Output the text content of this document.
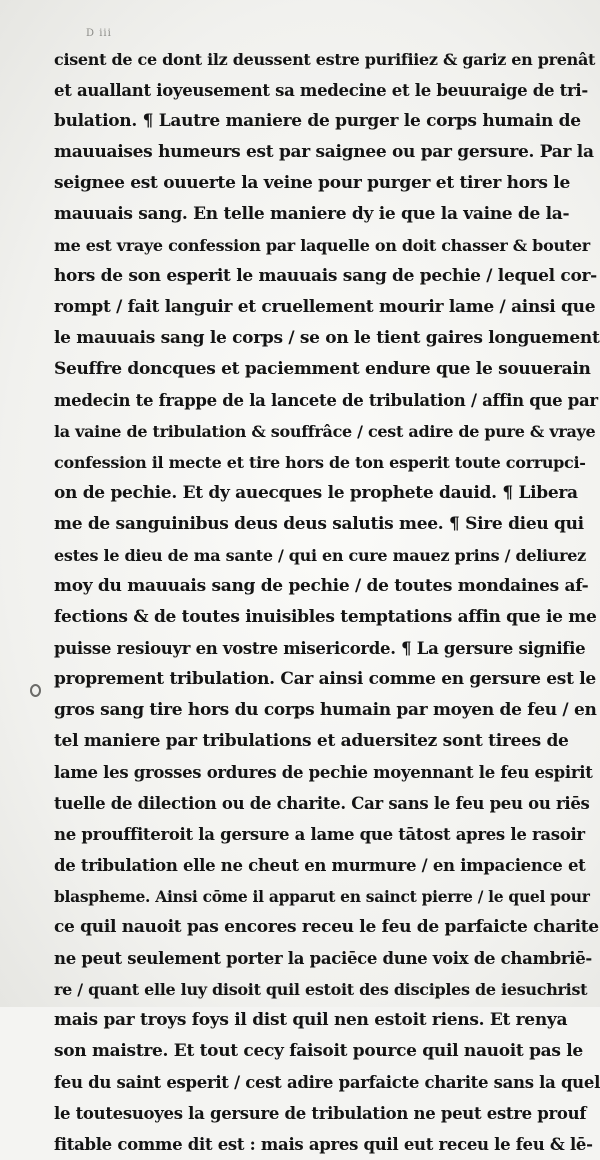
D iii
cisent de ce dont ilz deussent estre purifiiez & gariz en prenât
et auallant ioyeusement sa medecine et le beuuraige de tri-
bulation. ¶ Lautre maniere de purger le corps humain de
mauuaises humeurs est par saignee ou par gersure. Par la
seignee est ouuerte la veine pour purger et tirer hors le
mauuais sang. En telle maniere dy ie que la vaine de la-
me est vraye confession par laquelle on doit chasser & bouter
hors de son esperit le mauuais sang de pechie / lequel cor-
rompt / fait languir et cruellement mourir lame / ainsi que
le mauuais sang le corps / se on le tient gaires longuement
Seuffre doncques et paciemment endure que le souuerain
medecin te frappe de la lancete de tribulation / affin que par
la vaine de tribulation & souffrâce / cest adire de pure & vraye
confession il mecte et tire hors de ton esperit toute corrupci-
on de pechie. Et dy auecques le prophete dauid. ¶ Libera
me de sanguinibus deus deus salutis mee. ¶ Sire dieu qui
estes le dieu de ma sante / qui en cure mauez prins / deliurez
moy du mauuais sang de pechie / de toutes mondaines af-
fections & de toutes inuisibles temptations affin que ie me
puisse resiouyr en vostre misericorde. ¶ La gersure signifie
proprement tribulation. Car ainsi comme en gersure est le
gros sang tire hors du corps humain par moyen de feu / en
tel maniere par tribulations et aduersitez sont tirees de
lame les grosses ordures de pechie moyennant le feu espirit
tuelle de dilection ou de charite. Car sans le feu peu ou riēs
ne prouffiteroit la gersure a lame que tātost apres le rasoir
de tribulation elle ne cheut en murmure / en impacience et
blaspheme. Ainsi cōme il apparut en sainct pierre / le quel pour
ce quil nauoit pas encores receu le feu de parfaicte charite
ne peut seulement porter la paciēce dune voix de chambriē-
re / quant elle luy disoit quil estoit des disciples de iesuchrist
mais par troys foys il dist quil nen estoit riens. Et renya
son maistre. Et tout cecy faisoit pource quil nauoit pas le
feu du saint esperit / cest adire parfaicte charite sans la quel
le toutesuoyes la gersure de tribulation ne peut estre prouf
fitable comme dit est : mais apres quil eut receu le feu & lē-
